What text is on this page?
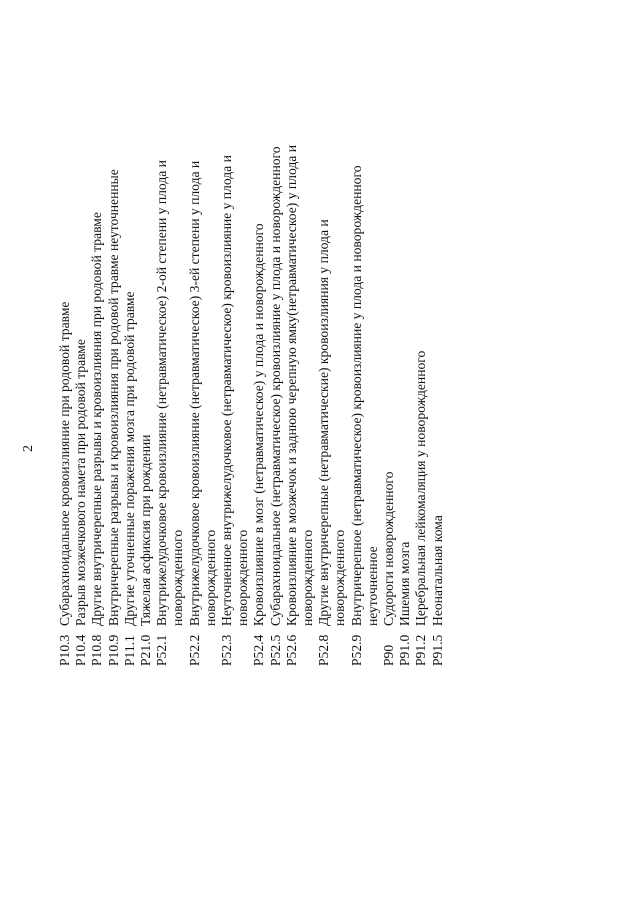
2
P10.3
Субарахноидальное кровоизлияние при родовой травме
P10.4
Разрыв мозжечкового намета при родовой травме
P10.8
Другие внутричерепные разрывы и кровоизлияния при родовой травме
P10.9
Внутричерепные разрывы и кровоизлияния при родовой травме неуточненные
P11.1
Другие уточненные поражения мозга при родовой травме
P21.0
Тяжелая асфиксия при рождении
P52.1
Внутрижелудочковое кровоизлияние (нетравматическое) 2-ой степени у плода и новорожденного
P52.2
Внутрижелудочковое кровоизлияние (нетравматическое) 3-ей степени у плода и новорожденного
P52.3
Неуточненное внутрижелудочковое (нетравматическое) кровоизлияние у плода и новорожденного
P52.4
Кровоизлияние в мозг (нетравматическое) у плода и новорожденного
P52.5
Субарахноидальное (нетравматическое) кровоизлияние у плода и новорожденного
P52.6
Кровоизлияние в мозжечок и заднюю черепную ямку(нетравматическое) у плода и новорожденного
P52.8
Другие внутричерепные (нетравматические) кровоизлияния у плода и новорожденного
P52.9
Внутричерепное (нетравматическое) кровоизлияние у плода и новорожденного неуточненное
P90
Судороги новорожденного
P91.0
Ишемия мозга
P91.2
Церебральная лейкомаляция у новорожденного
P91.5
Неонатальная кома
